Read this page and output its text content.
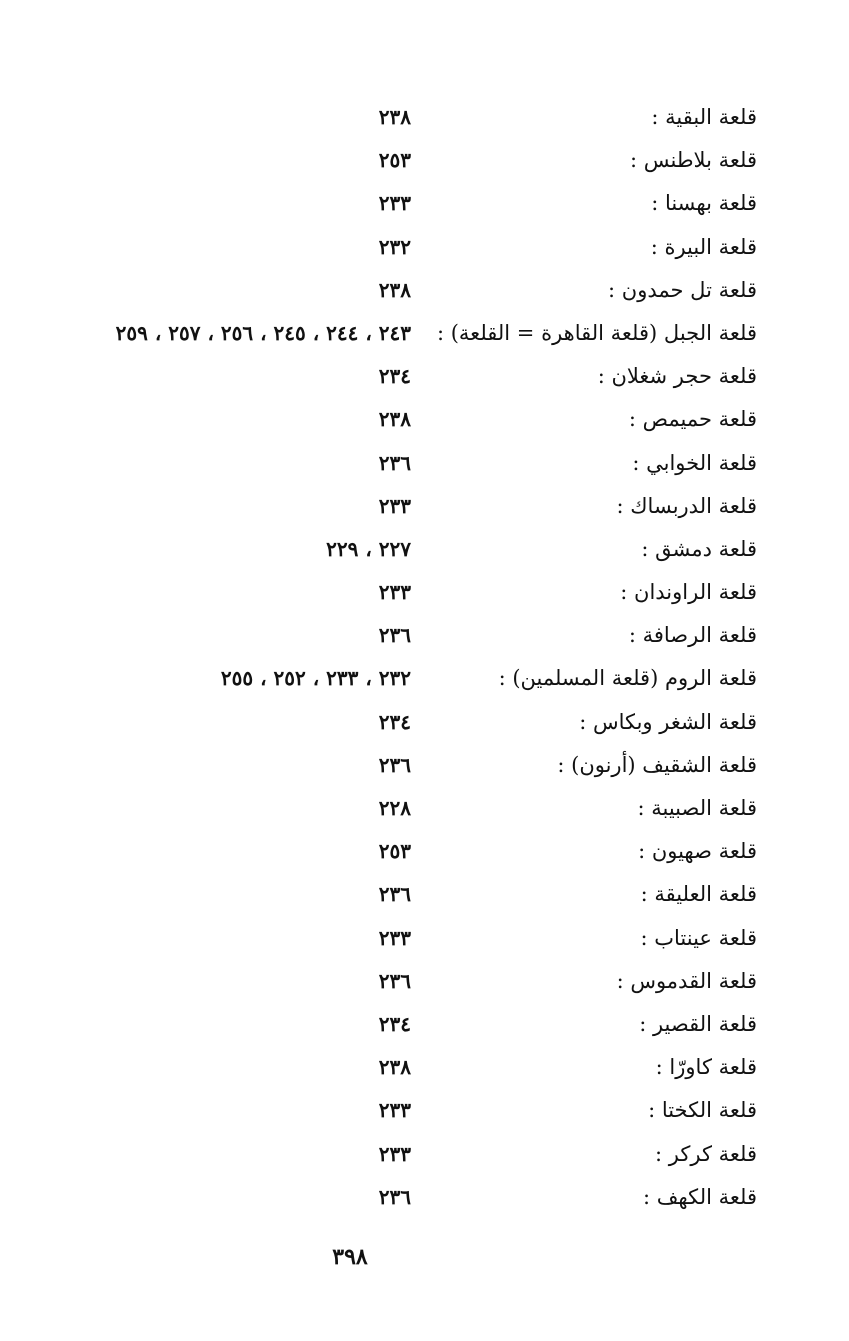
قلعة البقية :
٢٣٨
قلعة بلاطنس :
٢٥٣
قلعة بهسنا :
٢٣٣
قلعة البيرة :
٢٣٢
قلعة تل حمدون :
٢٣٨
قلعة الجبل (قلعة القاهرة = القلعة) :
٢٤٣ ، ٢٤٤ ، ٢٤٥ ، ٢٥٦ ، ٢٥٧ ، ٢٥٩
قلعة حجر شغلان :
٢٣٤
قلعة حميمص :
٢٣٨
قلعة الخوابي :
٢٣٦
قلعة الدربساك :
٢٣٣
قلعة دمشق :
٢٢٧ ، ٢٢٩
قلعة الراوندان :
٢٣٣
قلعة الرصافة :
٢٣٦
قلعة الروم (قلعة المسلمين) :
٢٣٢ ، ٢٣٣ ، ٢٥٢ ، ٢٥٥
قلعة الشغر وبكاس :
٢٣٤
قلعة الشقيف (أرنون) :
٢٣٦
قلعة الصبيبة :
٢٢٨
قلعة صهيون :
٢٥٣
قلعة العليقة :
٢٣٦
قلعة عينتاب :
٢٣٣
قلعة القدموس :
٢٣٦
قلعة القصير :
٢٣٤
قلعة كاورّا :
٢٣٨
قلعة الكختا :
٢٣٣
قلعة كركر :
٢٣٣
قلعة الكهف :
٢٣٦
٣٩٨
